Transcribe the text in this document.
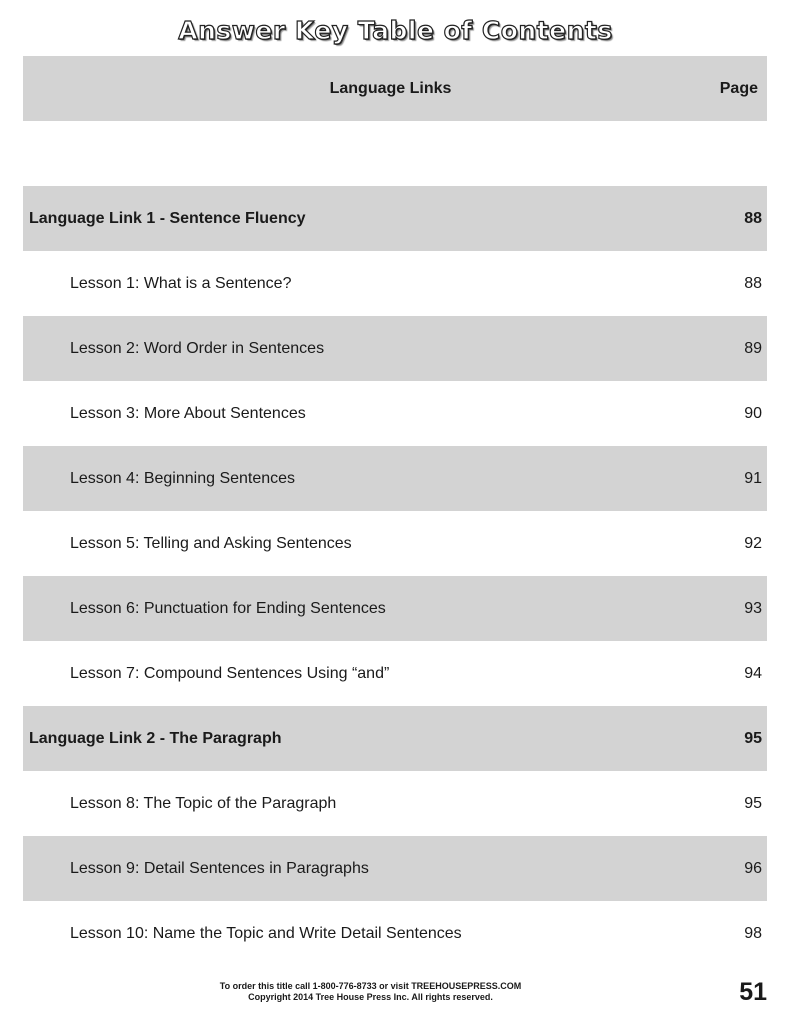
Answer Key Table of Contents
Language Links	Page
Language Link 1 - Sentence Fluency	88
Lesson 1: What is a Sentence?	88
Lesson 2: Word Order in Sentences	89
Lesson 3: More About Sentences	90
Lesson 4: Beginning Sentences	91
Lesson 5: Telling and Asking Sentences	92
Lesson 6: Punctuation for Ending Sentences	93
Lesson 7: Compound Sentences Using “and”	94
Language Link 2 - The Paragraph	95
Lesson 8: The Topic of the Paragraph	95
Lesson 9: Detail Sentences in Paragraphs	96
Lesson 10: Name the Topic and Write Detail Sentences	98
To order this title call 1-800-776-8733 or visit TREEHOUSEPRESS.COM
Copyright 2014 Tree House Press Inc. All rights reserved.	51
